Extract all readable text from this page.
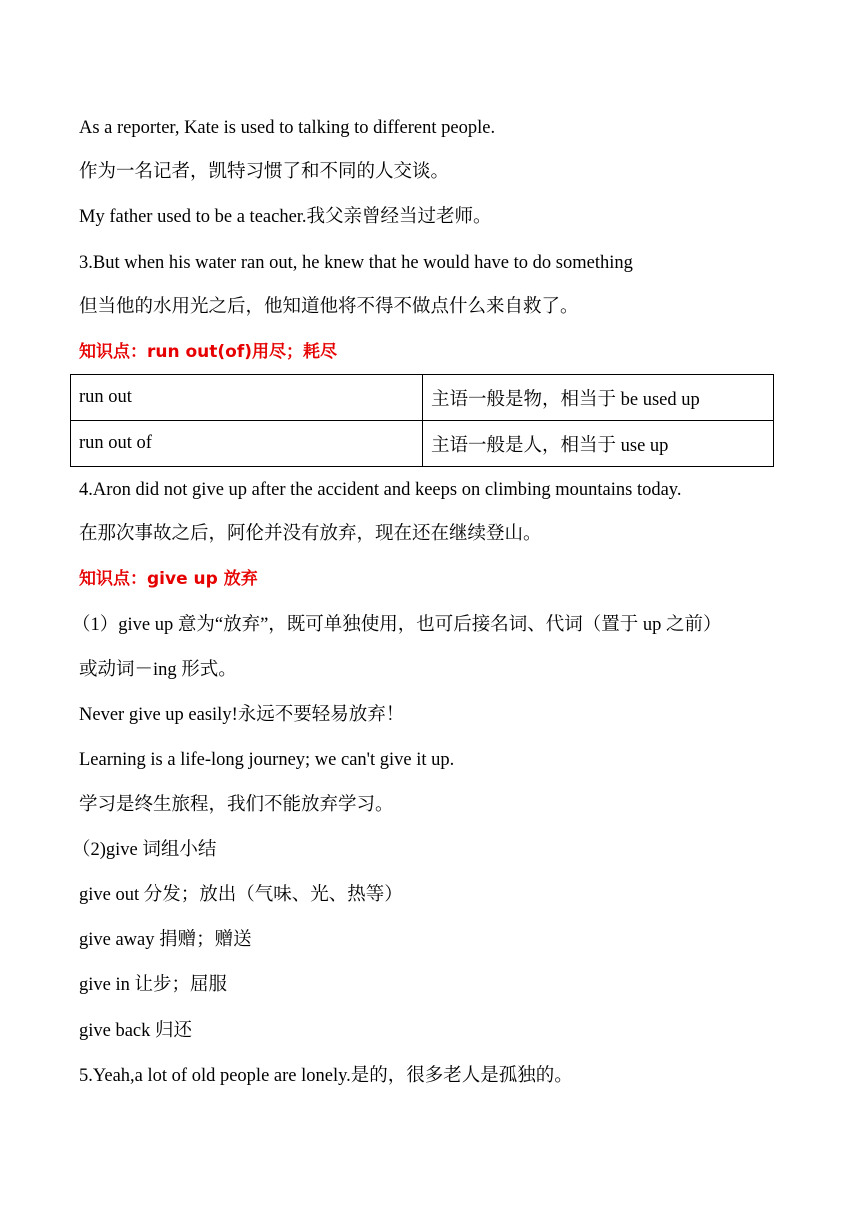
As a reporter, Kate is used to talking to different people.
作为一名记者，凯特习惯了和不同的人交谈。
My father used to be a teacher.我父亲曾经当过老师。
3.But when his water ran out, he knew that he would have to do something
但当他的水用光之后，他知道他将不得不做点什么来自救了。
知识点：run out(of)用尽；耗尽
run out	主语一般是物，相当于 be used up
run out of	主语一般是人，相当于 use up
4.Aron did not give up after the accident and keeps on climbing mountains today.
在那次事故之后，阿伦并没有放弃，现在还在继续登山。
知识点：give up 放弃
（1）give up 意为“放弃”，既可单独使用，也可后接名词、代词（置于 up 之前）
或动词－ing 形式。
Never give up easily!永远不要轻易放弃！
Learning is a life-long journey; we can't give it up.
学习是终生旅程，我们不能放弃学习。
（2)give 词组小结
give out 分发；放出（气味、光、热等）
give away 捐赠；赠送
give in 让步；屈服
give back 归还
5.Yeah,a lot of old people are lonely.是的，很多老人是孤独的。
